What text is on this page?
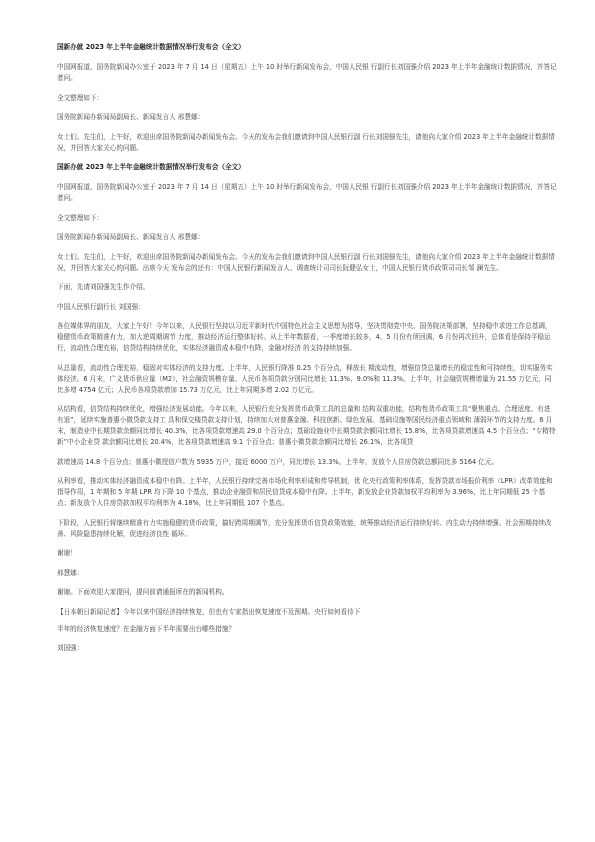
国新办就 2023 年上半年金融统计数据情况举行发布会（全文）

中国网报道，国务院新闻办公室于 2023 年 7 月 14 日（星期五）上午 10 时举行新闻发布会，中国人民银 行副行长刘国强介绍 2023 年上半年金融统计数据情况，并答记者问。

全文整理如下：

国务院新闻办新闻局副局长、新闻发言人 邢慧娜：

女士们、先生们，上午好，欢迎出席国务院新闻办新闻发布会。今天的发布会我们邀请到中国人民银行副 行长刘国强先生，请他向大家介绍 2023 年上半年金融统计数据情况，并回答大家关心的问题。

国新办就 2023 年上半年金融统计数据情况举行发布会（全文）

中国网报道，国务院新闻办公室于 2023 年 7 月 14 日（星期五）上午 10 时举行新闻发布会，中国人民银 行副行长刘国强介绍 2023 年上半年金融统计数据情况，并答记者问。

全文整理如下：

国务院新闻办新闻局副局长、新闻发言人 邢慧娜：

女士们、先生们，上午好，欢迎出席国务院新闻办新闻发布会。今天的发布会我们邀请到中国人民银行副 行长刘国强先生，请他向大家介绍 2023 年上半年金融统计数据情况，并回答大家关心的问题。出席今天 发布会的还有：中国人民银行新闻发言人、调查统计司司长阮健弘女士，中国人民银行货币政策司司长邹 澜先生。

下面，先请刘国强先生作介绍。

中国人民银行副行长 刘国强：

各位媒体界的朋友，大家上午好！今年以来，人民银行坚持以习近平新时代中国特色社会主义思想为指导，坚决贯彻党中央、国务院决策部署，坚持稳中求进工作总基调，稳健货币政策精准有力，加大逆周期调节 力度，推动经济运行整体好转。从上半年数据看，一季度增长较多，4、5 月份有所回调，6 月份再次回升，总体看是保持平稳运行，流动性合理充裕，信贷结构持续优化，实体经济融资成本稳中有降，金融对经济 的支持持续加强。

从总量看，流动性合理充裕，稳固对实体经济的支持力度。上半年，人民银行降准 0.25 个百分点，释放长 期流动性，增强信贷总量增长的稳定性和可持续性，切实服务实体经济。6 月末，广义货币供应量（M2），社会融资规模存量、人民币各项贷款分别同比增长 11.3%、9.0%和 11.3%。上半年，社会融资规模增量为 21.55 万亿元，同比多增 4754 亿元；人民币各项贷款增加 15.73 万亿元，比上年同期多增 2.02 万亿元。

从结构看，信贷结构持续优化，增强经济发展动能。今年以来，人民银行充分发挥货币政策工具的总量和 结构双重功能，结构性货币政策工具“聚焦重点、合理适度、有进有退”，延续实施普惠小微贷款支持工 具和保交楼贷款支持计划，持续加大对普惠金融、科技创新、绿色发展、基础设施等国民经济重点领域和 薄弱环节的支持力度。6 月末，制造业中长期贷款余额同比增长 40.3%，比各项贷款增速高 29.0 个百分点；基础设施业中长期贷款余额同比增长 15.8%，比各项贷款增速高 4.5 个百分点；“专精特新”中小企业贷 款余额同比增长 20.4%，比各项贷款增速高 9.1 个百分点；普惠小微贷款余额同比增长 26.1%，比各项贷

款增速高 14.8 个百分点；普惠小微授信户数为 5935 万户，接近 6000 万户，同比增长 13.3%。上半年，发放个人住房贷款总额同比多 5164 亿元。

从利率看，推动实体经济融资成本稳中有降。上半年，人民银行持续完善市场化利率形成和传导机制，优 化央行政策利率体系，发挥贷款市场报价利率（LPR）改革效能和指导作用，1 年期和 5 年期 LPR 均下降 10 个基点，推动企业融资和居民信贷成本稳中有降。上半年，新发放企业贷款加权平均利率为 3.96%，比上年同期低 25 个基点；新发放个人住房贷款加权平均利率为 4.18%，比上年同期低 107 个基点。

下阶段，人民银行将继续精准有力实施稳健的货币政策，搞好跨周期调节，充分发挥货币信贷政策效能，统筹推动经济运行持续好转、内生动力持续增强、社会预期持续改善、风险隐患持续化解，促进经济良性 循环。

谢谢！

邢慧娜：

谢谢。下面欢迎大家提问，提问前请通报所在的新闻机构。

【日本朝日新闻记者】今年以来中国经济持续恢复，但也有专家指出恢复速度不及预期。央行如何看待下

半年的经济恢复速度？在金融方面下半年需要出台哪些措施？

刘国强：
